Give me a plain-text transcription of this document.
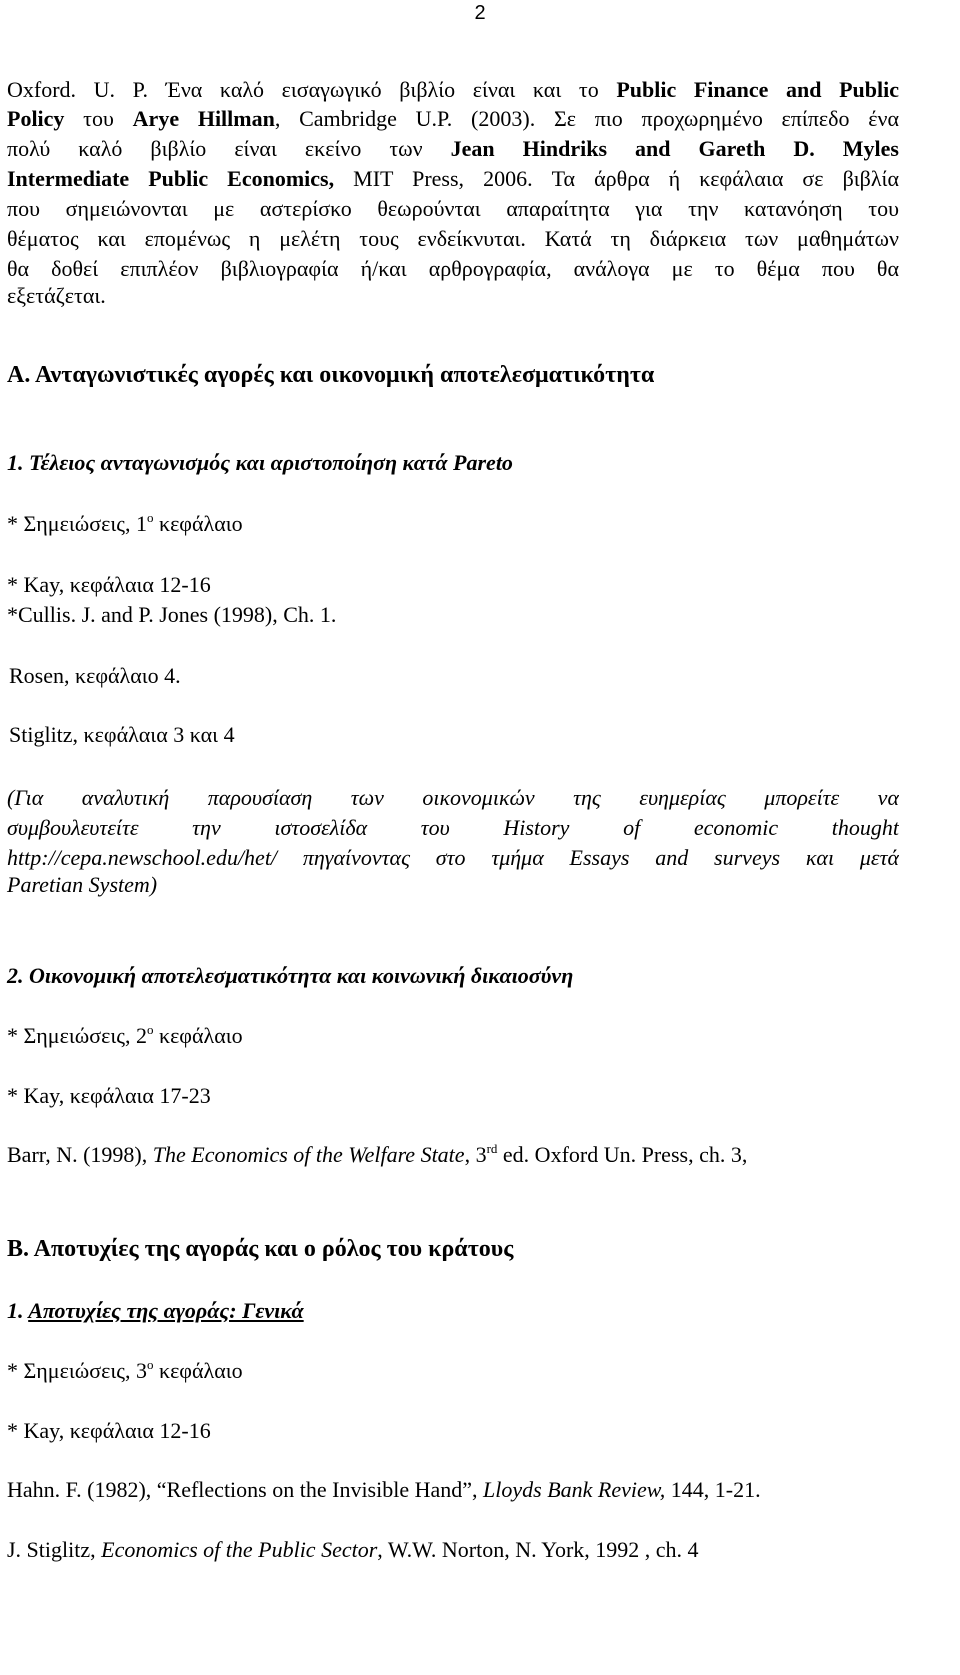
2
Oxford. U. P. Ένα καλό εισαγωγικό βιβλίο είναι και το Public Finance and Public
Policy του Arye Hillman, Cambridge U.P. (2003). Σε πιο προχωρημένο επίπεδο ένα
πολύ καλό βιβλίο είναι εκείνο των Jean Hindriks and Gareth D. Myles
Intermediate Public Economics, MIT Press, 2006. Τα άρθρα ή κεφάλαια σε βιβλία
που σημειώνονται με αστερίσκο θεωρούνται απαραίτητα για την κατανόηση του
θέματος και επομένως η μελέτη τους ενδείκνυται. Κατά τη διάρκεια των μαθημάτων
θα δοθεί επιπλέον βιβλιογραφία ή/και αρθρογραφία, ανάλογα με το θέμα που θα
εξετάζεται.
Α. Ανταγωνιστικές αγορές και οικονομική αποτελεσματικότητα
1. Τέλειος ανταγωνισμός και αριστοποίηση κατά Pareto
* Σημειώσεις, $1^o$ κεφάλαιο
* Kay, κεφάλαια 12-16
*Cullis. J. and P. Jones (1998), Ch. 1.
Rosen, κεφάλαιο 4.
Stiglitz, κεφάλαια 3 και 4
(Για αναλυτική παρουσίαση των οικονομικών της ευημερίας μπορείτε να
συμβουλευτείτε την ιστοσελίδα του History of economic thought
http://cepa.newschool.edu/het/ πηγαίνοντας στο τμήμα Essays and surveys και μετά
Paretian System)
2. Οικονομική αποτελεσματικότητα και κοινωνική δικαιοσύνη
* Σημειώσεις, $2^o$ κεφάλαιο
* Kay, κεφάλαια 17-23
Barr, N. (1998), The Economics of the Welfare State, 3rd ed. Oxford Un. Press, ch. 3,
Β. Αποτυχίες της αγοράς και ο ρόλος του κράτους
1. Αποτυχίες της αγοράς: Γενικά
* Σημειώσεις, $3^o$ κεφάλαιο
* Kay, κεφάλαια 12-16
Hahn. F. (1982), “Reflections on the Invisible Hand”, Lloyds Bank Review, 144, 1-21.
J. Stiglitz, Economics of the Public Sector, W.W. Norton, N. York, 1992 , ch. 4
